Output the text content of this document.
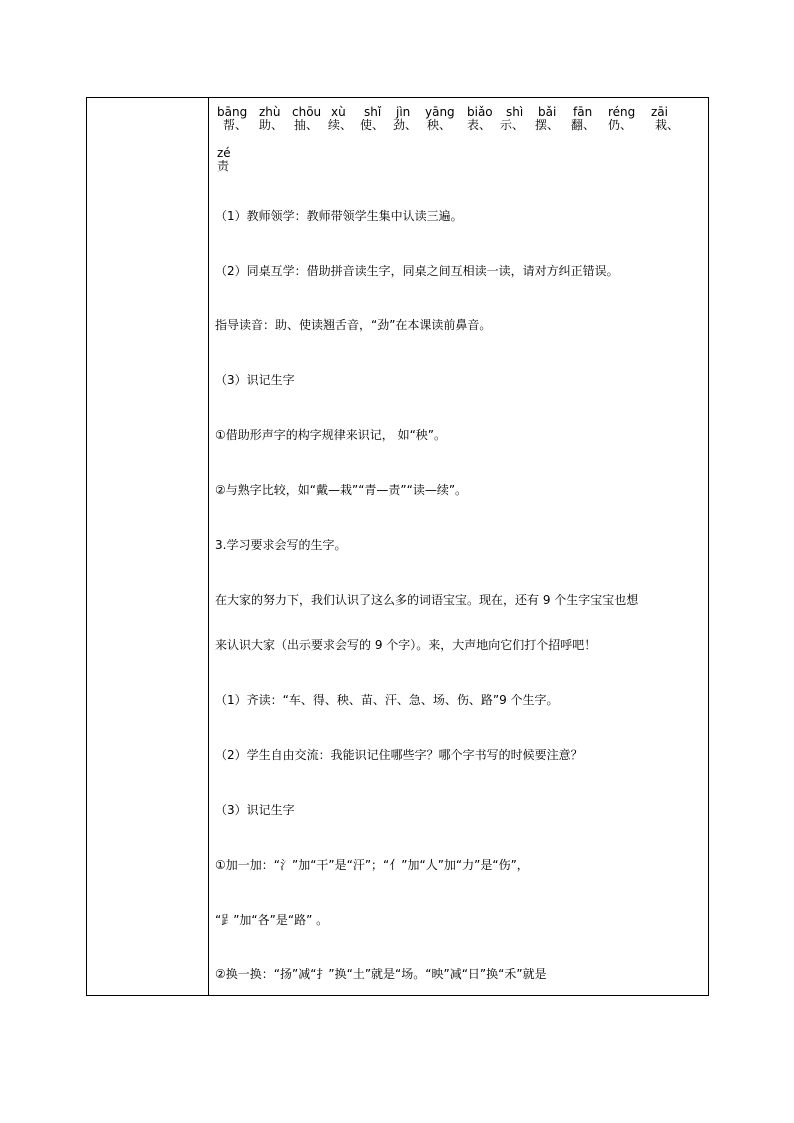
bāng
帮、
zhù
助、
chōu
抽、
xù
续、
shǐ
使、
jìn
劲、
yāng
秧、
biǎo
表、
shì
示、
bǎi
摆、
fān
翻、
réng
仍、
zāi
栽、
zé
责
（1）教师领学：教师带领学生集中认读三遍。
（2）同桌互学：借助拼音读生字，同桌之间互相读一读，请对方纠正错误。
指导读音：助、使读翘舌音，“劲”在本课读前鼻音。
（3）识记生字
①借助形声字的构字规律来识记， 如“秧”。
②与熟字比较，如“戴—栽”“青—责”“读—续”。
3.学习要求会写的生字。
在大家的努力下，我们认识了这么多的词语宝宝。现在，还有 9 个生字宝宝也想
来认识大家（出示要求会写的 9 个字）。来，大声地向它们打个招呼吧！
（1）齐读：“车、得、秧、苗、汗、急、场、伤、路”9 个生字。
（2）学生自由交流：我能识记住哪些字？哪个字书写的时候要注意？
（3）识记生字
①加一加：“氵”加“干”是“汗”；“亻”加“人”加“力”是“伤”，
“𧾷”加“各”是“路” 。
②换一换：“扬”减“扌”换“土”就是“场。“映”减“日”换“禾”就是
